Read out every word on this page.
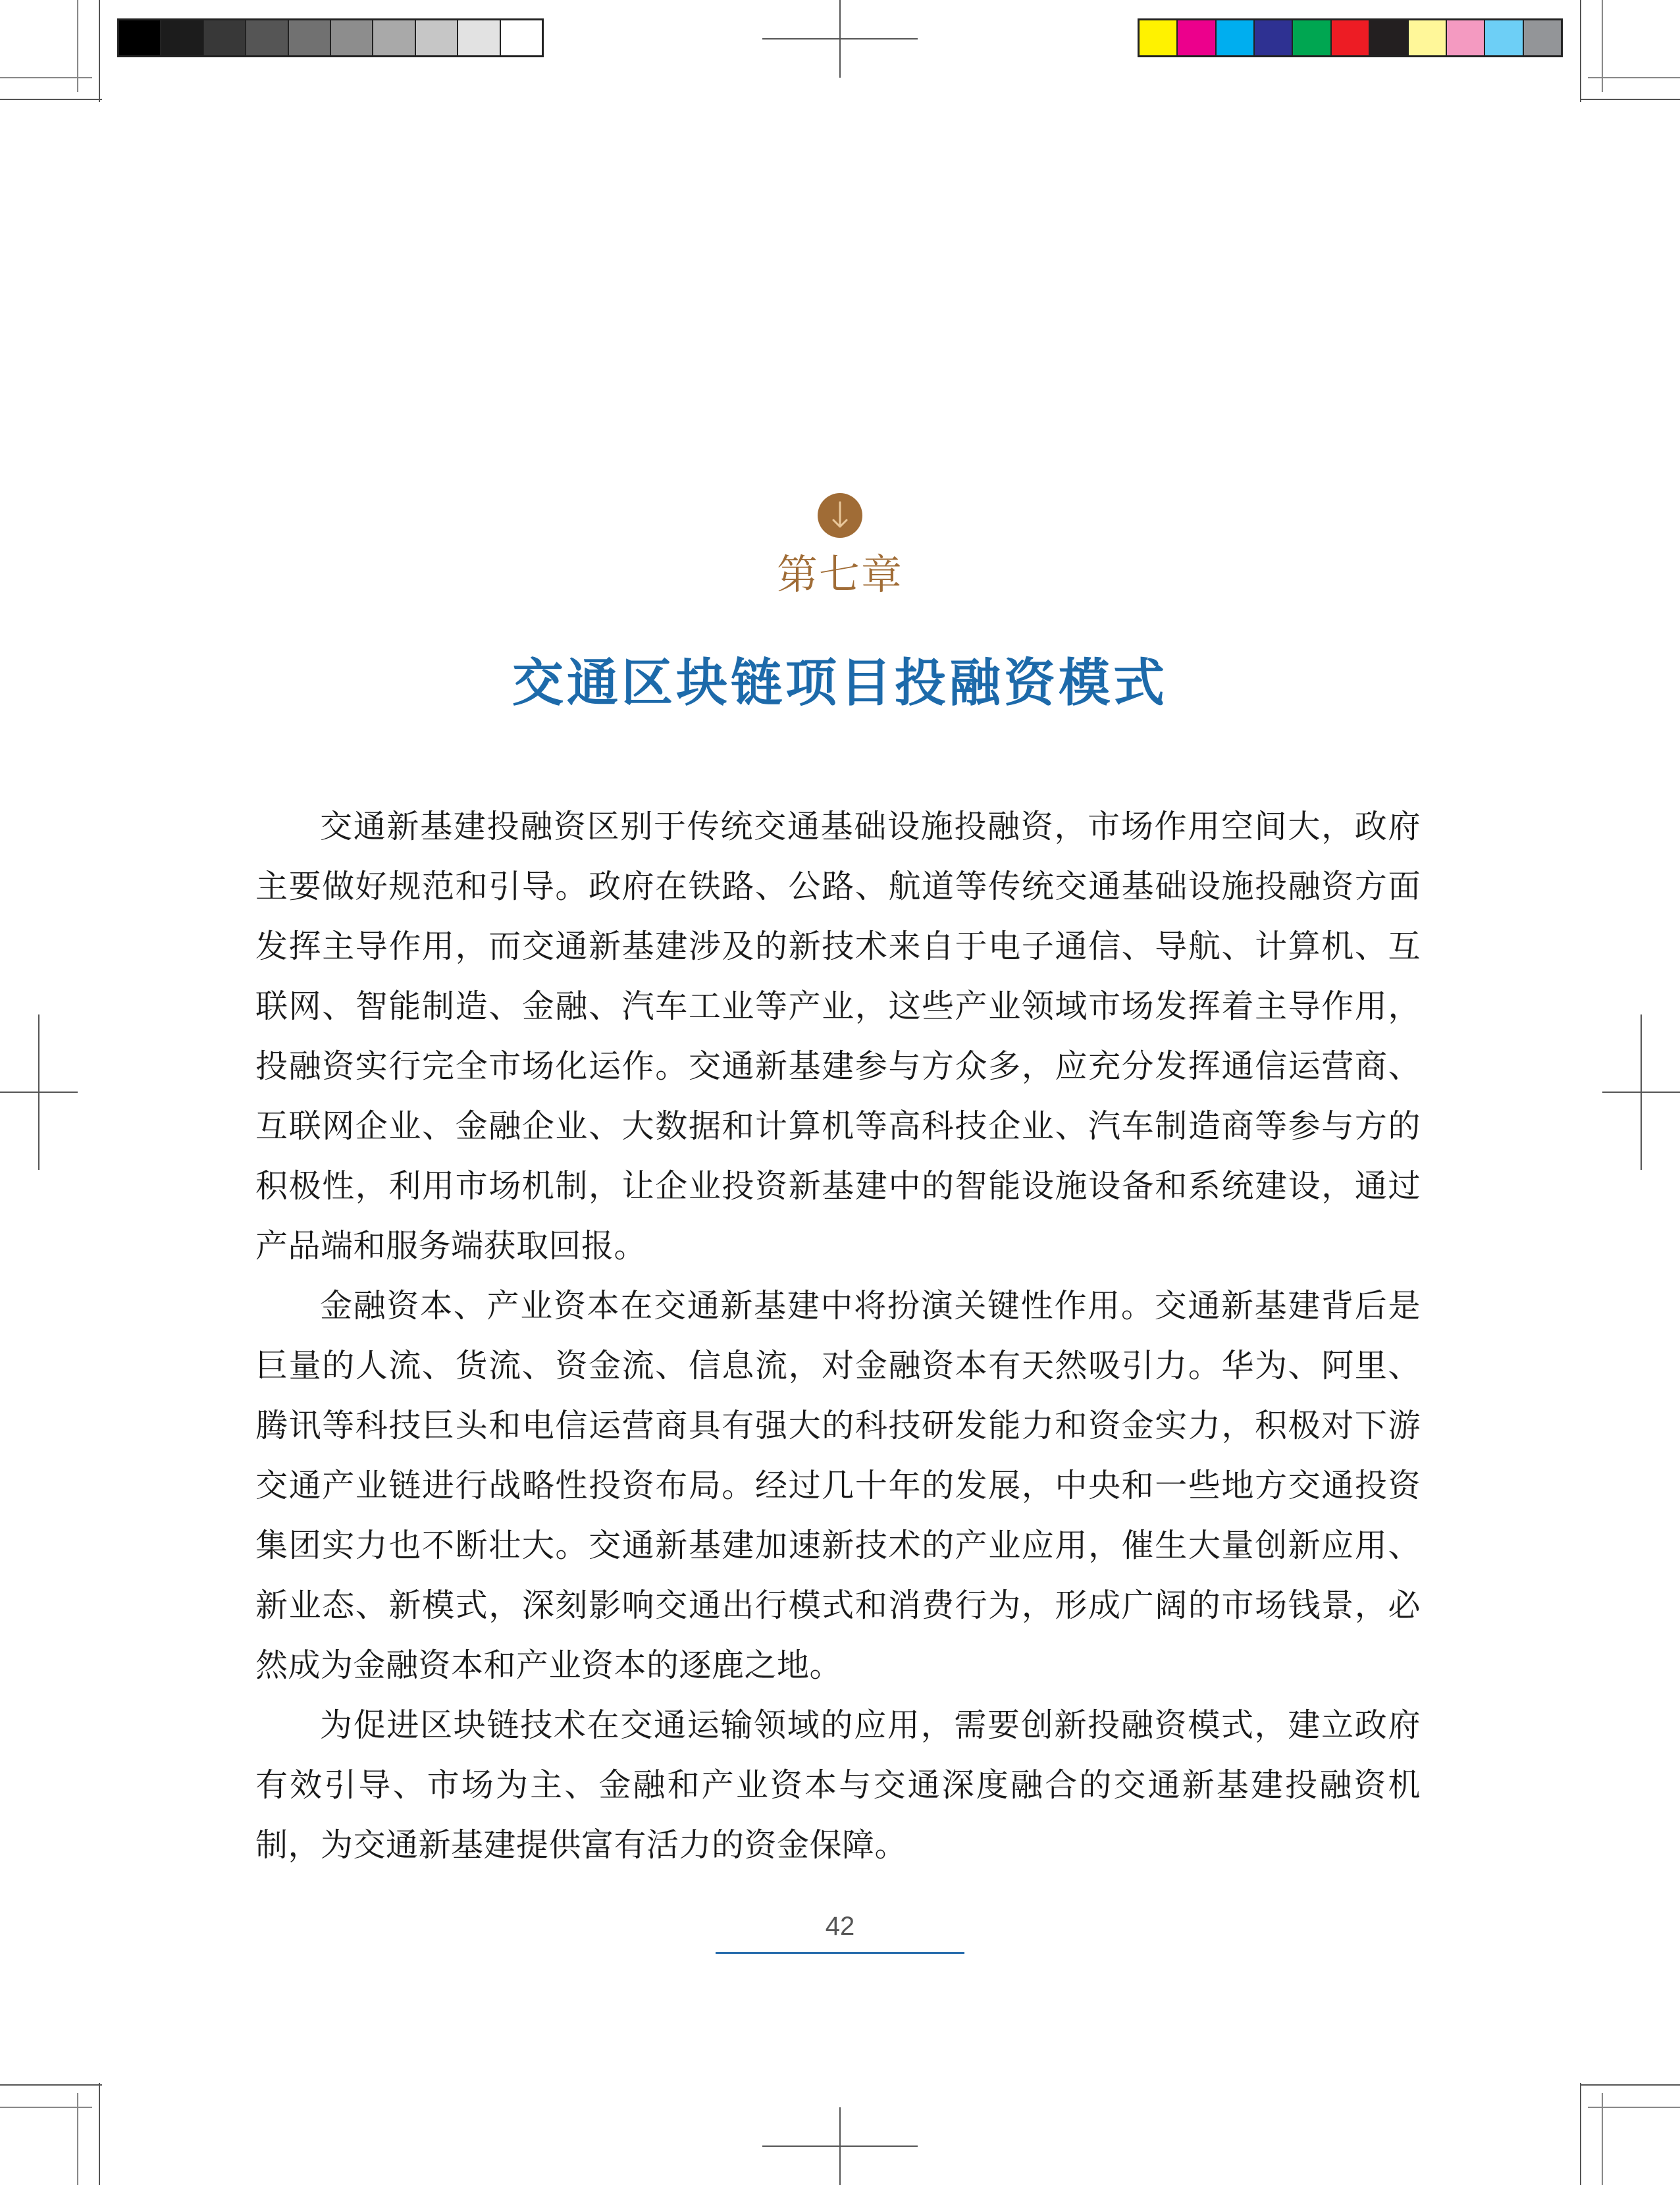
第七章
交通区块链项目投融资模式

交通新基建投融资区别于传统交通基础设施投融资，市场作用空间大，政府主要做好规范和引导。政府在铁路、公路、航道等传统交通基础设施投融资方面发挥主导作用，而交通新基建涉及的新技术来自于电子通信、导航、计算机、互联网、智能制造、金融、汽车工业等产业，这些产业领域市场发挥着主导作用，投融资实行完全市场化运作。交通新基建参与方众多，应充分发挥通信运营商、互联网企业、金融企业、大数据和计算机等高科技企业、汽车制造商等参与方的积极性，利用市场机制，让企业投资新基建中的智能设施设备和系统建设，通过产品端和服务端获取回报。

金融资本、产业资本在交通新基建中将扮演关键性作用。交通新基建背后是巨量的人流、货流、资金流、信息流，对金融资本有天然吸引力。华为、阿里、腾讯等科技巨头和电信运营商具有强大的科技研发能力和资金实力，积极对下游交通产业链进行战略性投资布局。经过几十年的发展，中央和一些地方交通投资集团实力也不断壮大。交通新基建加速新技术的产业应用，催生大量创新应用、新业态、新模式，深刻影响交通出行模式和消费行为，形成广阔的市场钱景，必然成为金融资本和产业资本的逐鹿之地。

为促进区块链技术在交通运输领域的应用，需要创新投融资模式，建立政府有效引导、市场为主、金融和产业资本与交通深度融合的交通新基建投融资机制，为交通新基建提供富有活力的资金保障。

42
